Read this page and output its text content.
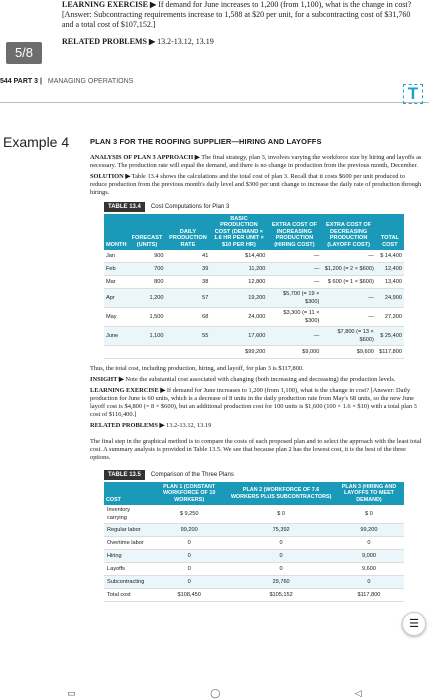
5/8
LEARNING EXERCISE ▶ If demand for June increases to 1,200 (from 1,100), what is the change in cost? [Answer: Subcontracting requirements increase to 1,588 at $20 per unit, for a subcontracting cost of $31,760 and a total cost of $107,152.]
RELATED PROBLEMS ▶ 13.2-13.12, 13.19
544 PART 3 | MANAGING OPERATIONS
T
Example 4	PLAN 3 FOR THE ROOFING SUPPLIER—HIRING AND LAYOFFS

ANALYSIS OF PLAN 3 APPROACH ▶ The final strategy, plan 3, involves varying the workforce size by hiring and layoffs as necessary. The production rate will equal the demand, and there is no change in production from the previous month, December.

SOLUTION ▶ Table 13.4 shows the calculations and the total cost of plan 3. Recall that it costs $600 per unit produced to reduce production from the previous month's daily level and $300 per unit change to increase the daily rate of production through hirings.

TABLE 13.4	Cost Computations for Plan 3
MONTH	FORECAST (UNITS)	DAILY PRODUCTION RATE	BASIC PRODUCTION COST (DEMAND × 1.6 HR PER UNIT × $10 PER HR)	EXTRA COST OF INCREASING PRODUCTION (HIRING COST)	EXTRA COST OF DECREASING PRODUCTION (LAYOFF COST)	TOTAL COST
Jan	900	41	$14,400	—	—	$ 14,400
Feb	700	39	11,200	—	$1,200 (= 2 × $600)	12,400
Mar	800	38	12,800	—	$ 600 (= 1 × $600)	13,400
Apr	1,200	57	19,200	$5,700 (= 19 × $300)	—	24,900
May	1,500	68	24,000	$3,300 (= 11 × $300)	—	27,300
June	1,100	55	17,600	—	$7,800 (= 13 × $600)	$ 25,400
			$99,200	$9,000	$9,600	$117,800

Thus, the total cost, including production, hiring, and layoff, for plan 3 is $117,800.

INSIGHT ▶ Note the substantial cost associated with changing (both increasing and decreasing) the production levels.

LEARNING EXERCISE ▶ If demand for June increases to 1,200 (from 1,100), what is the change in cost? [Answer: Daily production for June is 60 units, which is a decrease of 8 units in the daily production rate from May's 68 units, so the new June layoff cost is $4,800 (= 8 × $600), but an additional production cost for 100 units is $1,600 (100 × 1.6 × $10) with a total plan 3 cost of $116,400.]

RELATED PROBLEMS ▶ 13.2-13.12, 13.19

The final step in the graphical method is to compare the costs of each proposed plan and to select the approach with the least total cost. A summary analysis is provided in Table 13.5. We see that because plan 2 has the lowest cost, it is the best of the three options.

TABLE 13.5	Comparison of the Three Plans
COST	PLAN 1 (CONSTANT WORKFORCE OF 10 WORKERS)	PLAN 2 (WORKFORCE OF 7.6 WORKERS PLUS SUBCONTRACTORS)	PLAN 3 (HIRING AND LAYOFFS TO MEET DEMAND)
Inventory carrying	$ 9,250	$ 0	$ 0
Regular labor	99,200	75,392	99,200
Overtime labor	0	0	0
Hiring	0	0	9,000
Layoffs	0	0	9,600
Subcontracting	0	29,760	0
Total cost	$108,450	$105,152	$117,800
☰
▭	◯	◁
